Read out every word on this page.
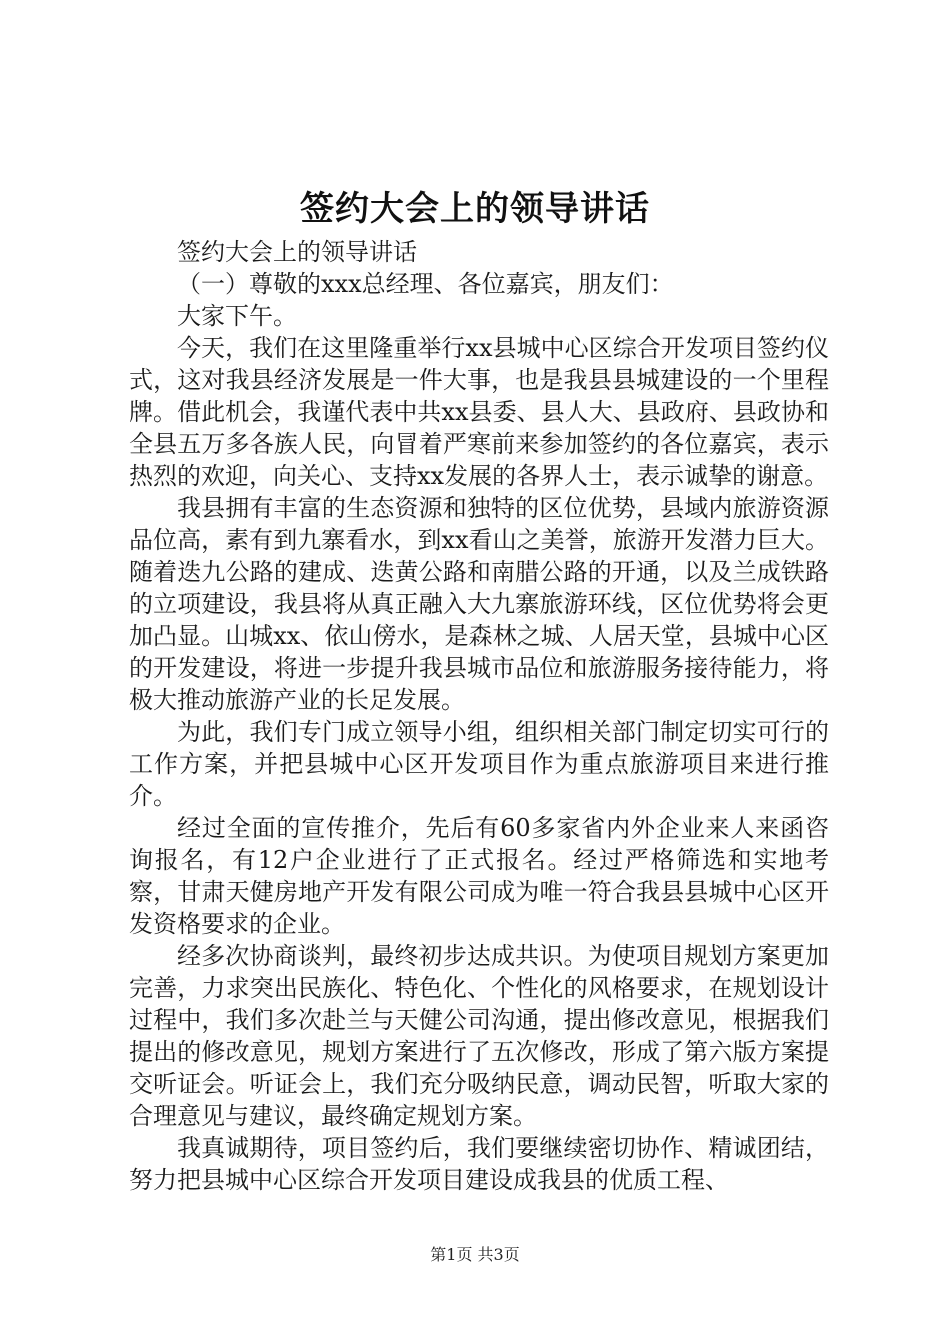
签约大会上的领导讲话

签约大会上的领导讲话

（一）尊敬的xxx总经理、各位嘉宾，朋友们：

大家下午。

今天，我们在这里隆重举行xx县城中心区综合开发项目签约仪式，这对我县经济发展是一件大事，也是我县县城建设的一个里程牌。借此机会，我谨代表中共xx县委、县人大、县政府、县政协和全县五万多各族人民，向冒着严寒前来参加签约的各位嘉宾，表示热烈的欢迎，向关心、支持xx发展的各界人士，表示诚挚的谢意。

我县拥有丰富的生态资源和独特的区位优势，县域内旅游资源品位高，素有到九寨看水，到xx看山之美誉，旅游开发潜力巨大。随着迭九公路的建成、迭黄公路和南腊公路的开通，以及兰成铁路的立项建设，我县将从真正融入大九寨旅游环线，区位优势将会更加凸显。山城xx、依山傍水，是森林之城、人居天堂，县城中心区的开发建设，将进一步提升我县城市品位和旅游服务接待能力，将极大推动旅游产业的长足发展。

为此，我们专门成立领导小组，组织相关部门制定切实可行的工作方案，并把县城中心区开发项目作为重点旅游项目来进行推介。

经过全面的宣传推介，先后有60多家省内外企业来人来函咨询报名，有12户企业进行了正式报名。经过严格筛选和实地考察，甘肃天健房地产开发有限公司成为唯一符合我县县城中心区开发资格要求的企业。

经多次协商谈判，最终初步达成共识。为使项目规划方案更加完善，力求突出民族化、特色化、个性化的风格要求，在规划设计过程中，我们多次赴兰与天健公司沟通，提出修改意见，根据我们提出的修改意见，规划方案进行了五次修改，形成了第六版方案提交听证会。听证会上，我们充分吸纳民意，调动民智，听取大家的合理意见与建议，最终确定规划方案。

我真诚期待，项目签约后，我们要继续密切协作、精诚团结，努力把县城中心区综合开发项目建设成我县的优质工程、

第1页 共3页
